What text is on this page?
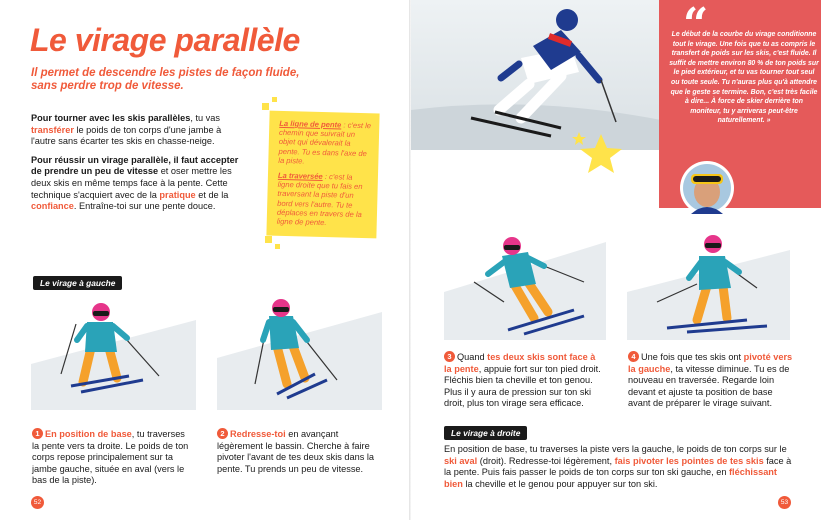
Le virage parallèle
Il permet de descendre les pistes de façon fluide, sans perdre trop de vitesse.

Pour tourner avec les skis parallèles, tu vas transférer le poids de ton corps d'une jambe à l'autre sans écarter tes skis en chasse-neige.

Pour réussir un virage parallèle, il faut accepter de prendre un peu de vitesse et oser mettre les deux skis en même temps face à la pente. Cette technique s'acquiert avec de la pratique et de la confiance. Entraîne-toi sur une pente douce.

La ligne de pente : c'est le chemin que suivrait un objet qui dévalerait la pente. Tu es dans l'axe de la piste.

La traversée : c'est la ligne droite que tu fais en traversant la piste d'un bord vers l'autre. Tu te déplaces en travers de la ligne de pente.

Le virage à gauche
1 En position de base, tu traverses la pente vers ta droite. Le poids de ton corps repose principalement sur ta jambe gauche, située en aval (vers le bas de la piste).
2 Redresse-toi en avançant légèrement le bassin. Cherche à faire pivoter l'avant de tes deux skis dans la pente. Tu prends un peu de vitesse.
52
“
Le début de la courbe du virage conditionne tout le virage. Une fois que tu as compris le transfert de poids sur les skis, c'est fluide. Il suffit de mettre environ 80 % de ton poids sur le pied extérieur, et tu vas tourner tout seul ou toute seule. Tu n'auras plus qu'à attendre que le geste se termine. Bon, c'est très facile à dire... À force de skier derrière ton moniteur, tu y arriveras peut-être naturellement. »
3 Quand tes deux skis sont face à la pente, appuie fort sur ton pied droit. Fléchis bien ta cheville et ton genou. Plus il y aura de pression sur ton ski droit, plus ton virage sera efficace.
4 Une fois que tes skis ont pivoté vers la gauche, ta vitesse diminue. Tu es de nouveau en traversée. Regarde loin devant et ajuste ta position de base avant de préparer le virage suivant.
Le virage à droite
En position de base, tu traverses la piste vers la gauche, le poids de ton corps sur le ski aval (droit). Redresse-toi légèrement, fais pivoter les pointes de tes skis face à la pente. Puis fais passer le poids de ton corps sur ton ski gauche, en fléchissant bien la cheville et le genou pour appuyer sur ton ski.
53
